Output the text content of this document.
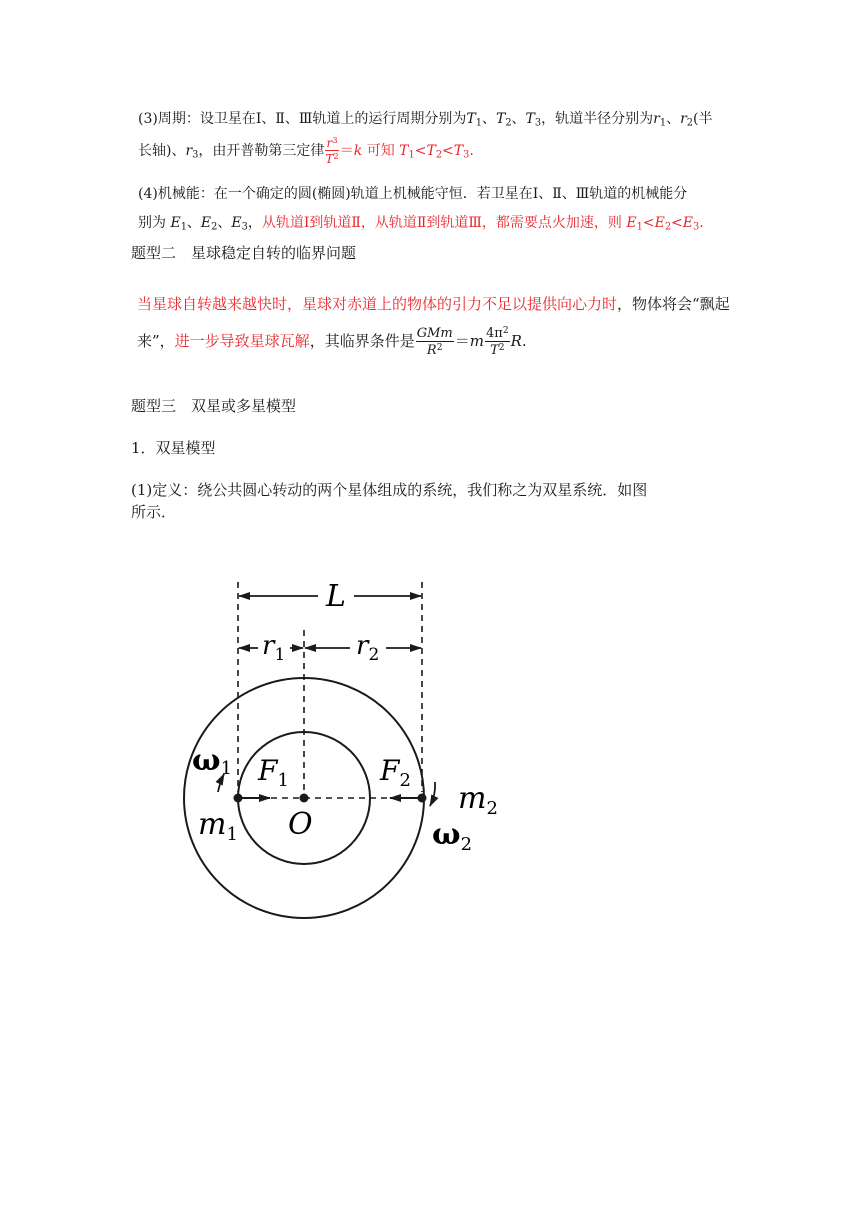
(3)周期：设卫星在Ⅰ、Ⅱ、Ⅲ轨道上的运行周期分别为$T_1$、$T_2$、$T_3$，轨道半径分别为$r_1$、$r_2$(半
长轴)、$r_3$，由开普勒第三定律 $\frac{r^3}{T^2} =k$ 可知 $T_1<T_2<T_3$.
(4)机械能：在一个确定的圆(椭圆)轨道上机械能守恒．若卫星在Ⅰ、Ⅱ、Ⅲ轨道的机械能分
别为 $E_1$、$E_2$、$E_3$，从轨道Ⅰ到轨道Ⅱ，从轨道Ⅱ到轨道Ⅲ，都需要点火加速，则 $E_1<E_2<E_3$.
题型二　星球稳定自转的临界问题
当星球自转越来越快时，星球对赤道上的物体的引力不足以提供向心力时，物体将会“飘起
来”，进一步导致星球瓦解，其临界条件是 $\frac{\text{GMm}}{R^2} =m \frac{4\pi^2}{T^2} R$.
题型三　双星或多星模型
1．双星模型
(1)定义：绕公共圆心转动的两个星体组成的系统，我们称之为双星系统．如图
所示．
L
$r_1$	$r_2$
$F_1$	$F_2$
ω1
$m_1$ O
$m_2$
$\omega_2$
